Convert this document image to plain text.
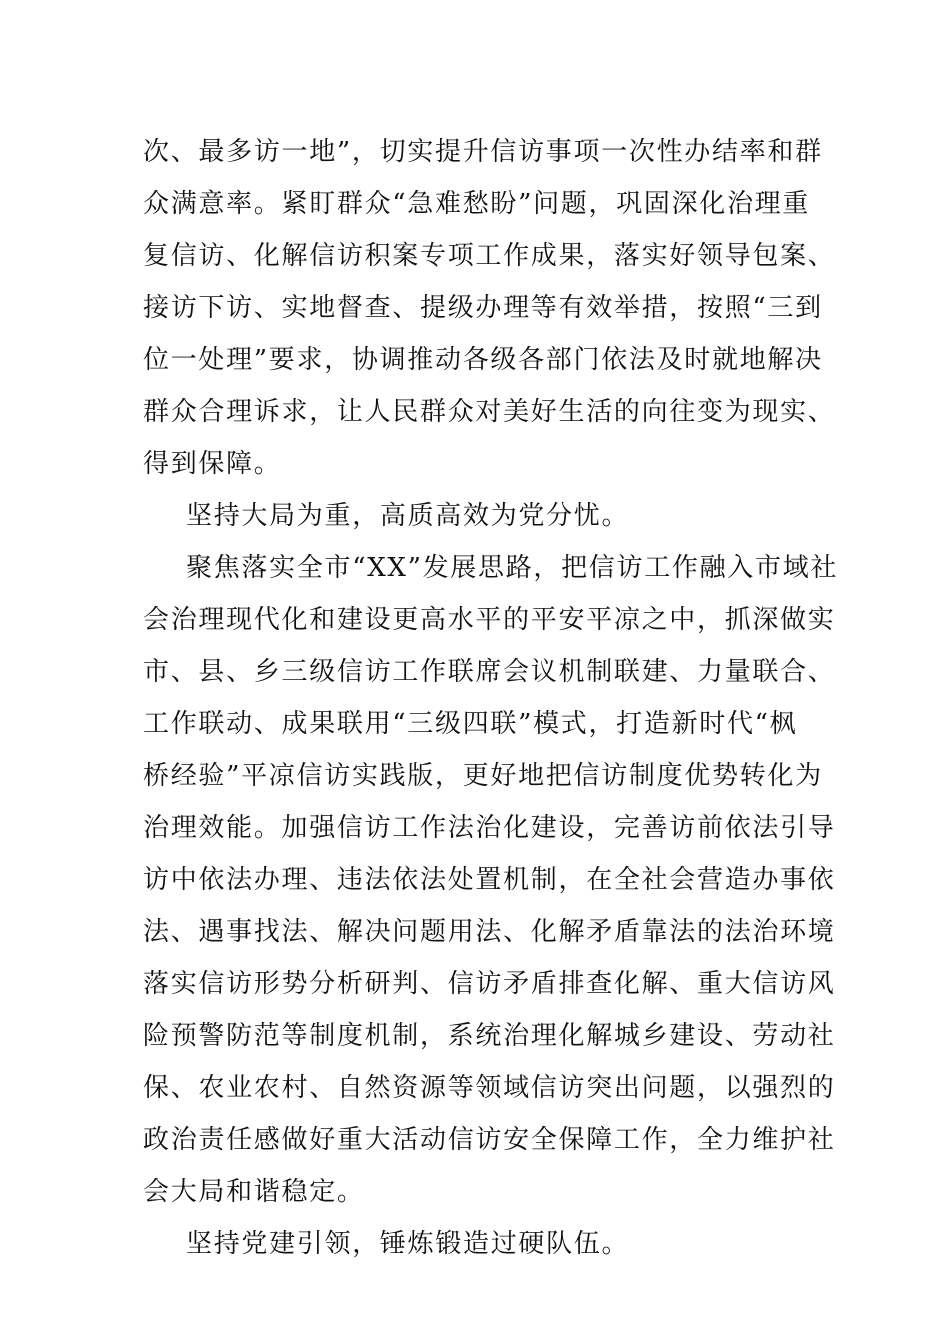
次、最多访一地”，切实提升信访事项一次性办结率和群
众满意率。紧盯群众“急难愁盼”问题，巩固深化治理重
复信访、化解信访积案专项工作成果，落实好领导包案、
接访下访、实地督查、提级办理等有效举措，按照“三到
位一处理”要求，协调推动各级各部门依法及时就地解决
群众合理诉求，让人民群众对美好生活的向往变为现实、
得到保障。
坚持大局为重，高质高效为党分忧。
聚焦落实全市“XX”发展思路，把信访工作融入市域社
会治理现代化和建设更高水平的平安平凉之中，抓深做实
市、县、乡三级信访工作联席会议机制联建、力量联合、
工作联动、成果联用“三级四联”模式，打造新时代“枫
桥经验”平凉信访实践版，更好地把信访制度优势转化为
治理效能。加强信访工作法治化建设，完善访前依法引导
访中依法办理、违法依法处置机制，在全社会营造办事依
法、遇事找法、解决问题用法、化解矛盾靠法的法治环境
落实信访形势分析研判、信访矛盾排查化解、重大信访风
险预警防范等制度机制，系统治理化解城乡建设、劳动社
保、农业农村、自然资源等领域信访突出问题，以强烈的
政治责任感做好重大活动信访安全保障工作，全力维护社
会大局和谐稳定。
坚持党建引领，锤炼锻造过硬队伍。
